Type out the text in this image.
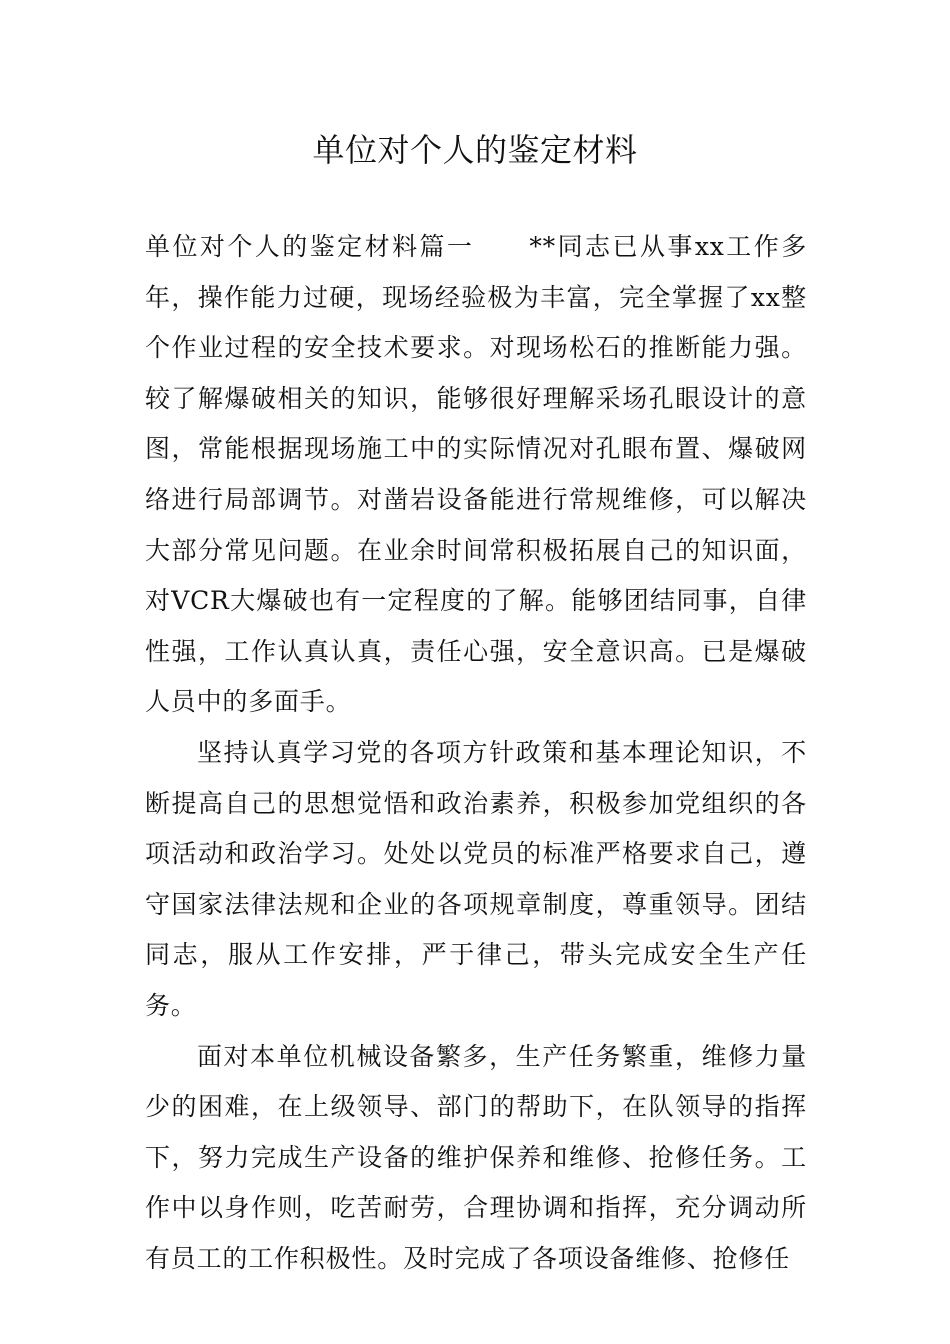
单位对个人的鉴定材料

单位对个人的鉴定材料篇一　　**同志已从事xx工作多年，操作能力过硬，现场经验极为丰富，完全掌握了xx整个作业过程的安全技术要求。对现场松石的推断能力强。较了解爆破相关的知识，能够很好理解采场孔眼设计的意图，常能根据现场施工中的实际情况对孔眼布置、爆破网络进行局部调节。对凿岩设备能进行常规维修，可以解决大部分常见问题。在业余时间常积极拓展自己的知识面，对VCR大爆破也有一定程度的了解。能够团结同事，自律性强，工作认真认真，责任心强，安全意识高。已是爆破人员中的多面手。

坚持认真学习党的各项方针政策和基本理论知识，不断提高自己的思想觉悟和政治素养，积极参加党组织的各项活动和政治学习。处处以党员的标准严格要求自己，遵守国家法律法规和企业的各项规章制度，尊重领导。团结同志，服从工作安排，严于律己，带头完成安全生产任务。

面对本单位机械设备繁多，生产任务繁重，维修力量少的困难，在上级领导、部门的帮助下，在队领导的指挥下，努力完成生产设备的维护保养和维修、抢修任务。工作中以身作则，吃苦耐劳，合理协调和指挥，充分调动所有员工的工作积极性。及时完成了各项设备维修、抢修任
